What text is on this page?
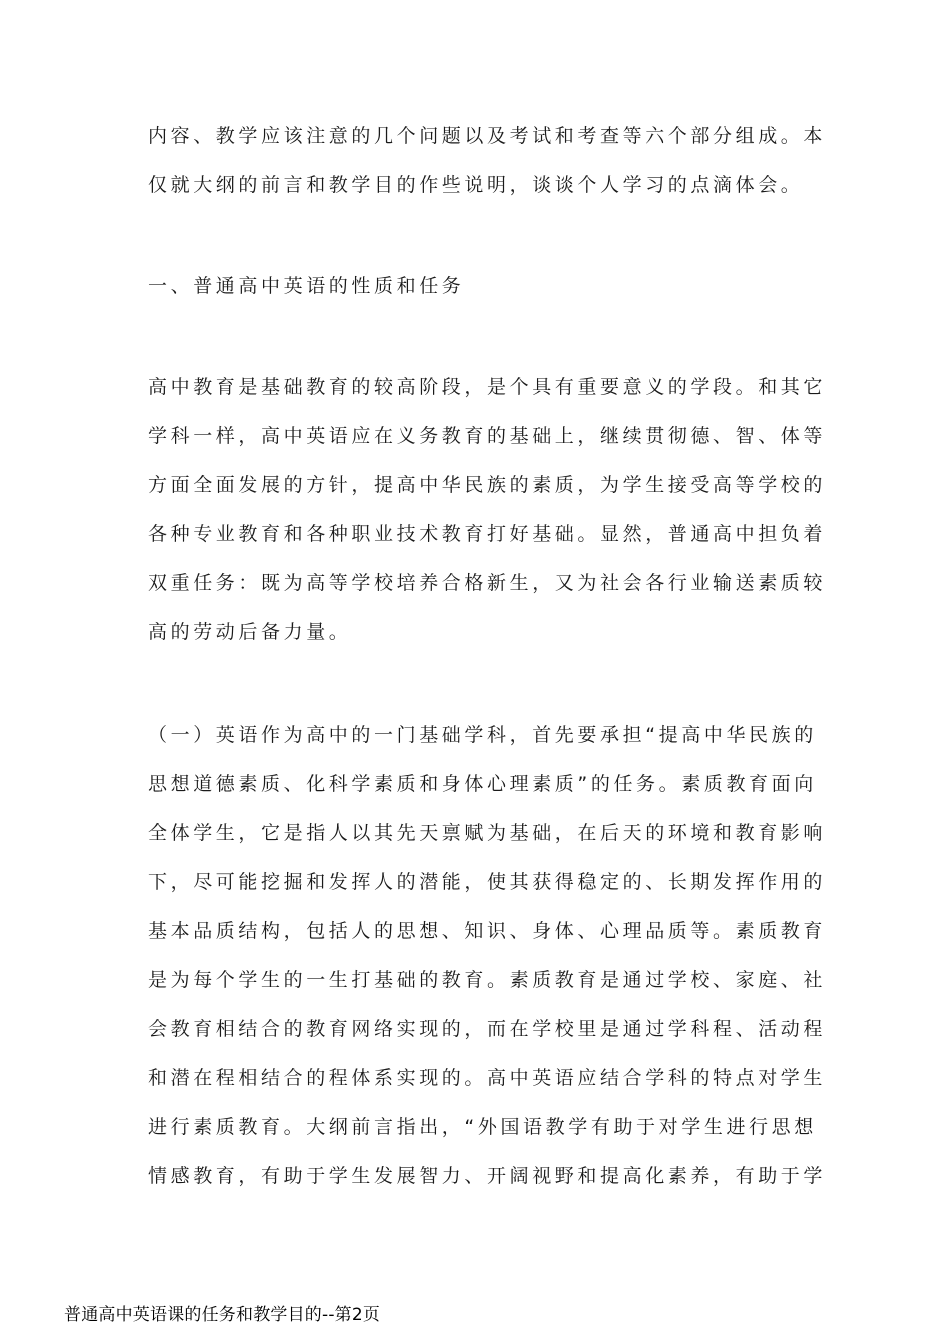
内容、教学应该注意的几个问题以及考试和考查等六个部分组成。本
仅就大纲的前言和教学目的作些说明，谈谈个人学习的点滴体会。
一、普通高中英语的性质和任务
高中教育是基础教育的较高阶段，是个具有重要意义的学段。和其它
学科一样，高中英语应在义务教育的基础上，继续贯彻德、智、体等
方面全面发展的方针，提高中华民族的素质，为学生接受高等学校的
各种专业教育和各种职业技术教育打好基础。显然，普通高中担负着
双重任务：既为高等学校培养合格新生，又为社会各行业输送素质较
高的劳动后备力量。
（一）英语作为高中的一门基础学科，首先要承担“提高中华民族的
思想道德素质、化科学素质和身体心理素质”的任务。素质教育面向
全体学生，它是指人以其先天禀赋为基础，在后天的环境和教育影响
下，尽可能挖掘和发挥人的潜能，使其获得稳定的、长期发挥作用的
基本品质结构，包括人的思想、知识、身体、心理品质等。素质教育
是为每个学生的一生打基础的教育。素质教育是通过学校、家庭、社
会教育相结合的教育网络实现的，而在学校里是通过学科程、活动程
和潜在程相结合的程体系实现的。高中英语应结合学科的特点对学生
进行素质教育。大纲前言指出，“外国语教学有助于对学生进行思想
情感教育，有助于学生发展智力、开阔视野和提高化素养，有助于学
普通高中英语课的任务和教学目的--第2页
